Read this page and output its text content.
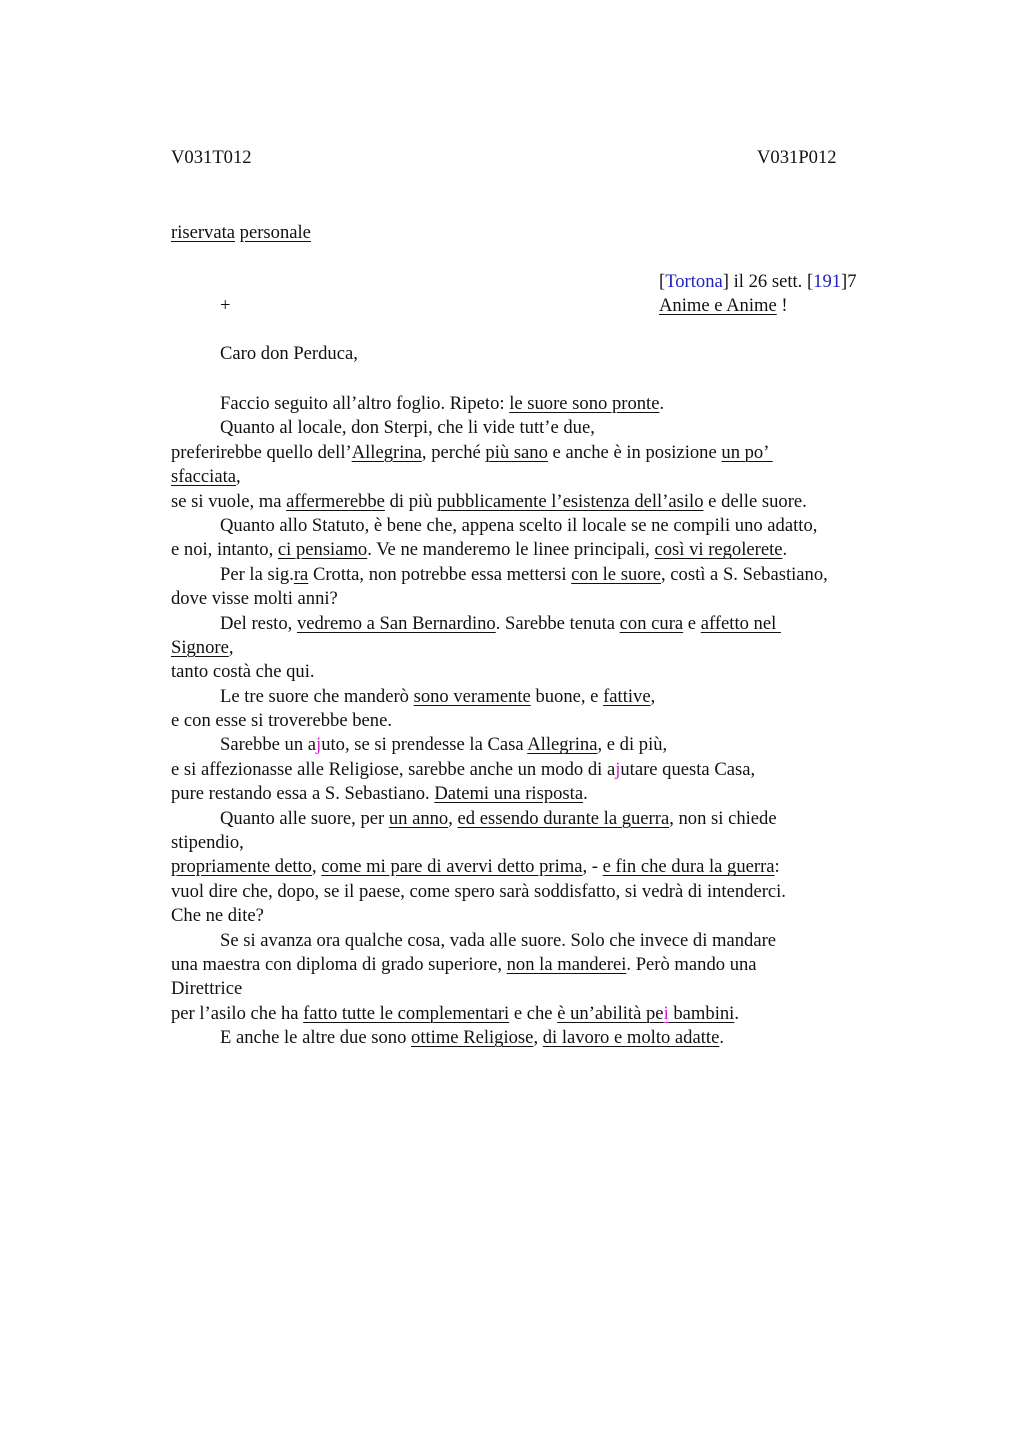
V031T012	V031P012
riservata personale
[Tortona] il 26 sett. [191]7
+	Anime e Anime !
Caro don Perduca,
Faccio seguito all’altro foglio. Ripeto: le suore sono pronte.
Quanto al locale, don Sterpi, che li vide tutt’e due,
preferirebbe quello dell’Allegrina, perché più sano e anche è in posizione un po’
sfacciata,
se si vuole, ma affermerebbe di più pubblicamente l’esistenza dell’asilo e delle suore.
Quanto allo Statuto, è bene che, appena scelto il locale se ne compili uno adatto,
e noi, intanto, ci pensiamo. Ve ne manderemo le linee principali, così vi regolerete.
Per la sig.ra Crotta, non potrebbe essa mettersi con le suore, costì a S. Sebastiano,
dove visse molti anni?
Del resto, vedremo a San Bernardino. Sarebbe tenuta con cura e affetto nel
Signore,
tanto costà che qui.
Le tre suore che manderò sono veramente buone, e fattive,
e con esse si troverebbe bene.
Sarebbe un ajuto, se si prendesse la Casa Allegrina, e di più,
e si affezionasse alle Religiose, sarebbe anche un modo di ajutare questa Casa,
pure restando essa a S. Sebastiano. Datemi una risposta.
Quanto alle suore, per un anno, ed essendo durante la guerra, non si chiede
stipendio,
propriamente detto, come mi pare di avervi detto prima, - e fin che dura la guerra:
vuol dire che, dopo, se il paese, come spero sarà soddisfatto, si vedrà di intenderci.
Che ne dite?
Se si avanza ora qualche cosa, vada alle suore. Solo che invece di mandare
una maestra con diploma di grado superiore, non la manderei. Però mando una
Direttrice
per l’asilo che ha fatto tutte le complementari e che è un’abilità pei bambini.
E anche le altre due sono ottime Religiose, di lavoro e molto adatte.
